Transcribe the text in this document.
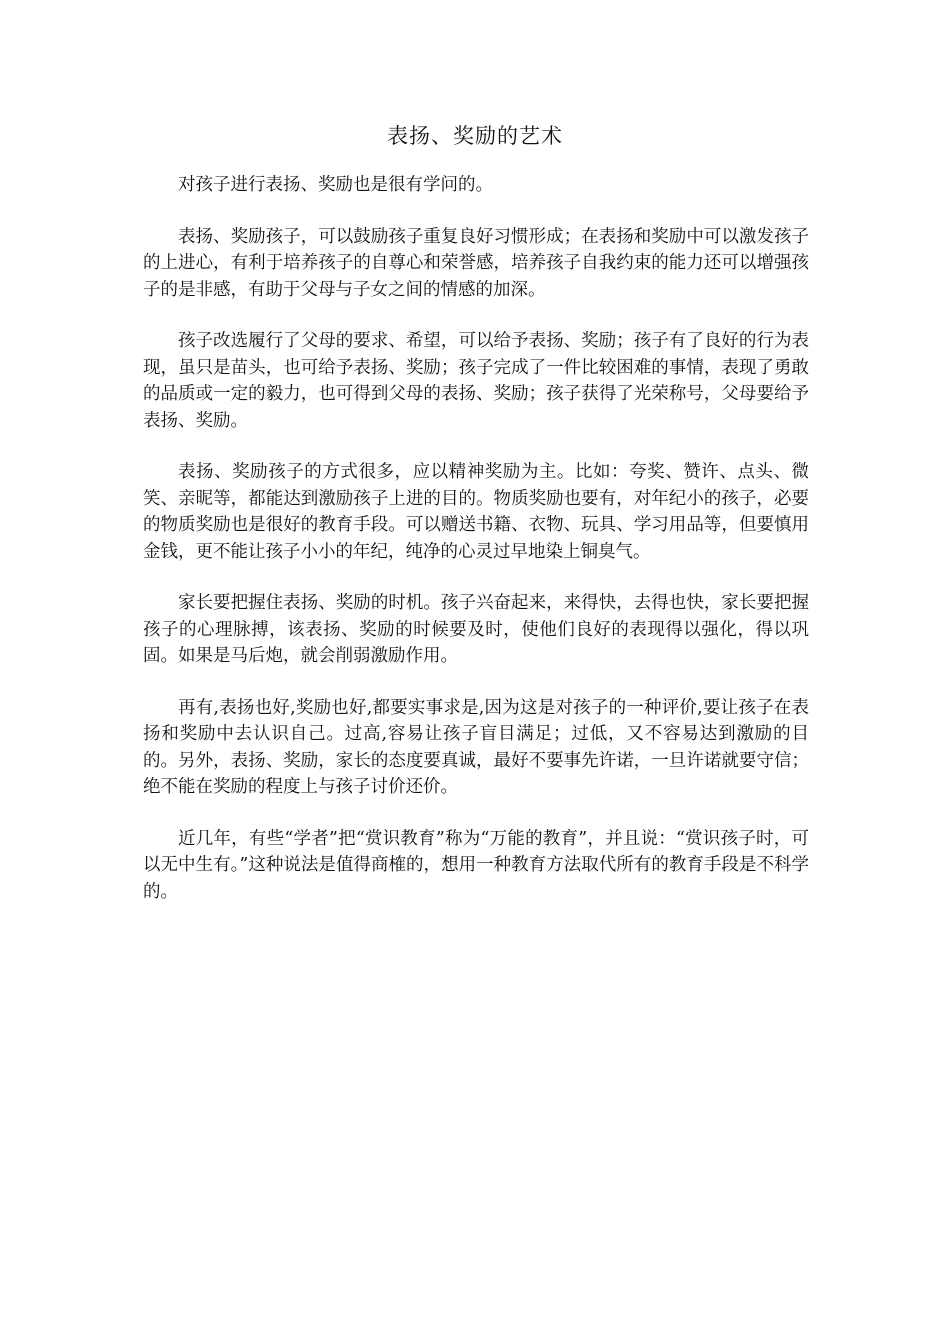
表扬、奖励的艺术

对孩子进行表扬、奖励也是很有学问的。

表扬、奖励孩子，可以鼓励孩子重复良好习惯形成；在表扬和奖励中可以激发孩子的上进心，有利于培养孩子的自尊心和荣誉感，培养孩子自我约束的能力还可以增强孩子的是非感，有助于父母与子女之间的情感的加深。

孩子改选履行了父母的要求、希望，可以给予表扬、奖励；孩子有了良好的行为表现，虽只是苗头，也可给予表扬、奖励；孩子完成了一件比较困难的事情，表现了勇敢的品质或一定的毅力，也可得到父母的表扬、奖励；孩子获得了光荣称号，父母要给予表扬、奖励。

表扬、奖励孩子的方式很多，应以精神奖励为主。比如：夸奖、赞许、点头、微笑、亲昵等，都能达到激励孩子上进的目的。物质奖励也要有，对年纪小的孩子，必要的物质奖励也是很好的教育手段。可以赠送书籍、衣物、玩具、学习用品等，但要慎用金钱，更不能让孩子小小的年纪，纯净的心灵过早地染上铜臭气。

家长要把握住表扬、奖励的时机。孩子兴奋起来，来得快，去得也快，家长要把握孩子的心理脉搏，该表扬、奖励的时候要及时，使他们良好的表现得以强化，得以巩固。如果是马后炮，就会削弱激励作用。

再有,表扬也好,奖励也好,都要实事求是,因为这是对孩子的一种评价,要让孩子在表扬和奖励中去认识自己。过高,容易让孩子盲目满足；过低，又不容易达到激励的目的。另外，表扬、奖励，家长的态度要真诚，最好不要事先许诺，一旦许诺就要守信；绝不能在奖励的程度上与孩子讨价还价。

近几年，有些“学者”把“赏识教育”称为“万能的教育”，并且说：“赏识孩子时，可以无中生有。”这种说法是值得商榷的，想用一种教育方法取代所有的教育手段是不科学的。
